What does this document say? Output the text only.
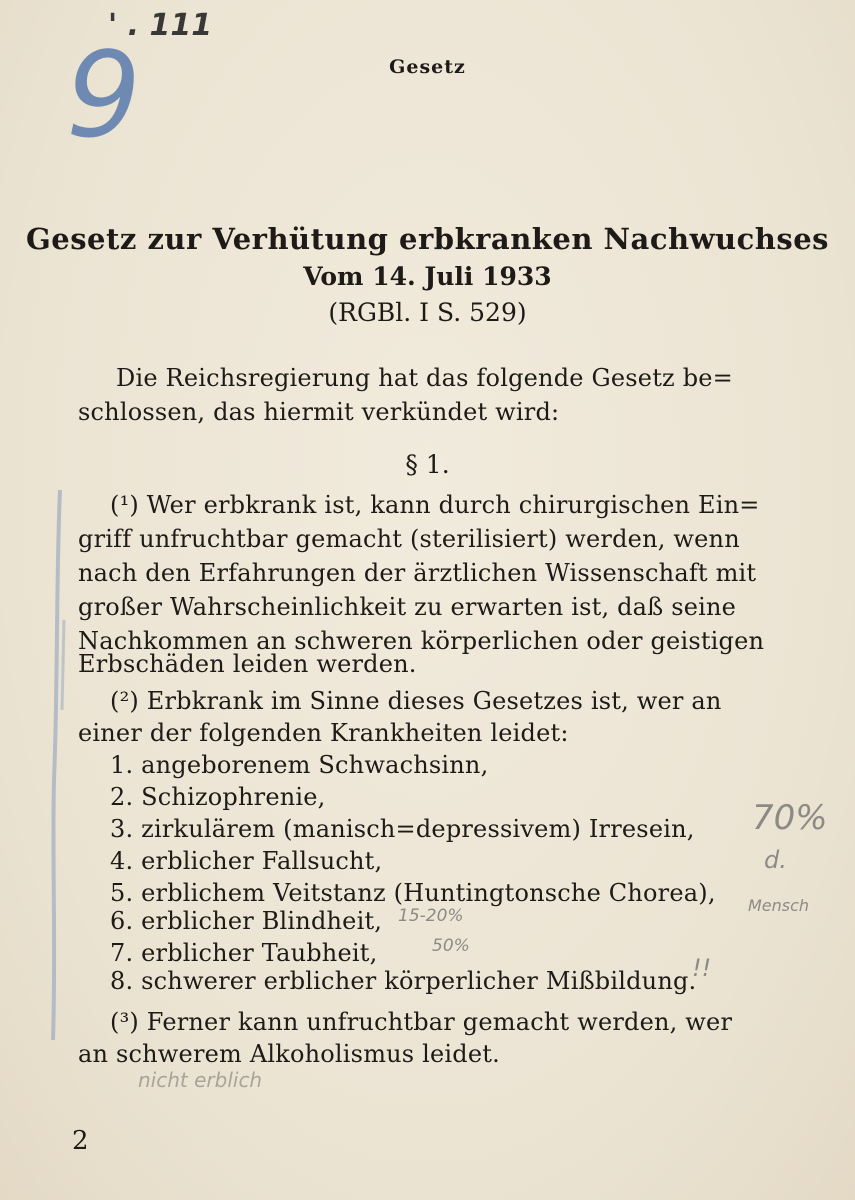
9
' . 111
70%
d.
Mensch
Gesetz
Gesetz zur Verhütung erbkranken Nachwuchses
Vom 14. Juli 1933
(RGBl. I S. 529)
Die Reichsregierung hat das folgende Gesetz be=
schlossen, das hiermit verkündet wird:
§ 1.
(¹) Wer erbkrank ist, kann durch chirurgischen Ein=
griff unfruchtbar gemacht (sterilisiert) werden, wenn
nach den Erfahrungen der ärztlichen Wissenschaft mit
großer Wahrscheinlichkeit zu erwarten ist, daß seine
Nachkommen an schweren körperlichen oder geistigen
Erbschäden leiden werden.
(²) Erbkrank im Sinne dieses Gesetzes ist, wer an
einer der folgenden Krankheiten leidet:
1. angeborenem Schwachsinn,
2. Schizophrenie,
3. zirkulärem (manisch=depressivem) Irresein,
4. erblicher Fallsucht,
5. erblichem Veitstanz (Huntingtonsche Chorea),
6. erblicher Blindheit,
7. erblicher Taubheit,
8. schwerer erblicher körperlicher Mißbildung.
15-20%
50%
!!
(³) Ferner kann unfruchtbar gemacht werden, wer
an schwerem Alkoholismus leidet.
nicht erblich
2
